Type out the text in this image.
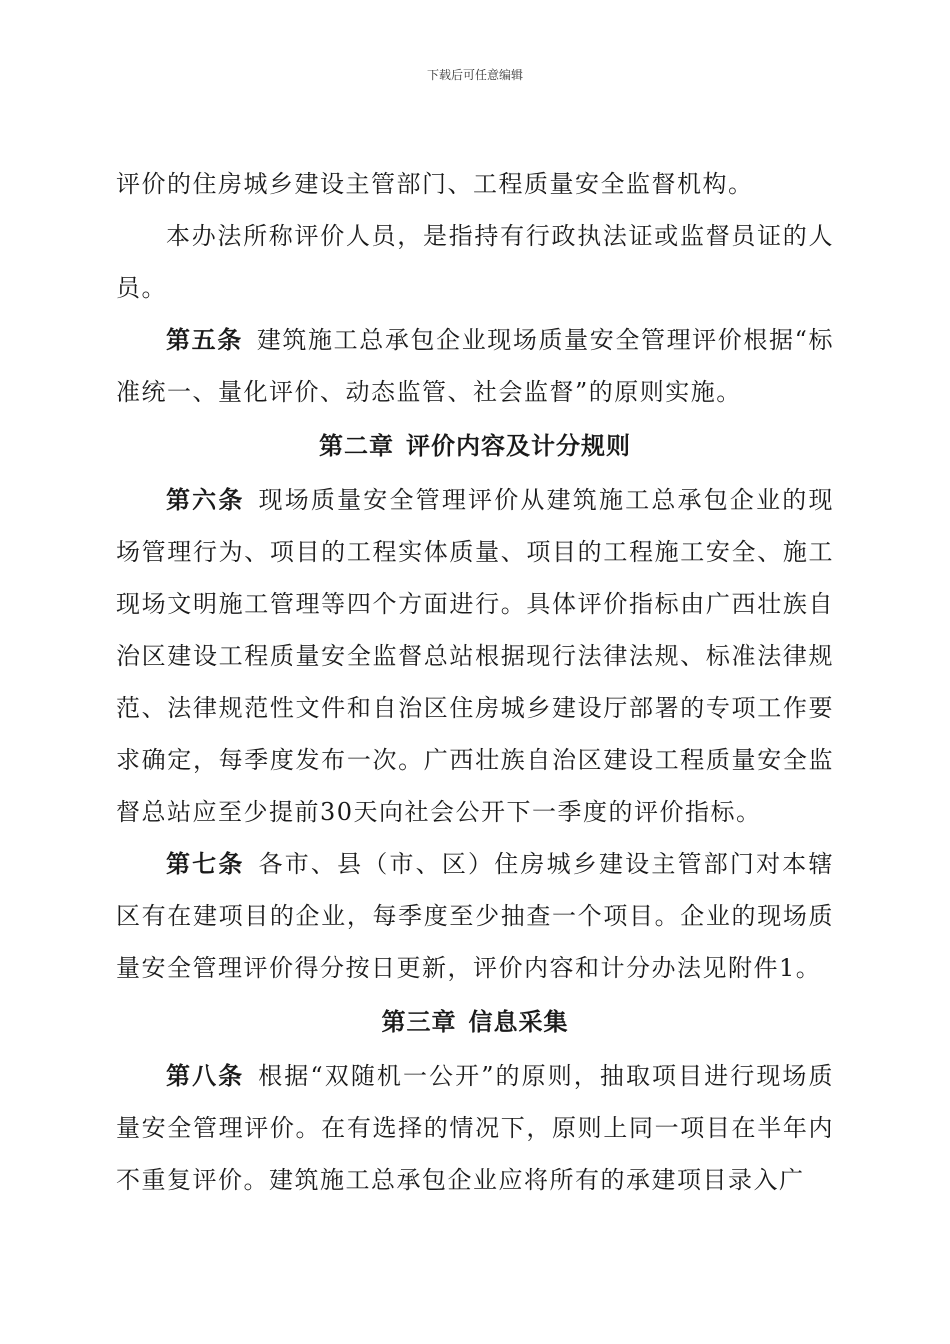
下载后可任意编辑

评价的住房城乡建设主管部门、工程质量安全监督机构。

本办法所称评价人员，是指持有行政执法证或监督员证的人员。

第五条 建筑施工总承包企业现场质量安全管理评价根据“标准统一、量化评价、动态监管、社会监督”的原则实施。

第二章 评价内容及计分规则

第六条 现场质量安全管理评价从建筑施工总承包企业的现场管理行为、项目的工程实体质量、项目的工程施工安全、施工现场文明施工管理等四个方面进行。具体评价指标由广西壮族自治区建设工程质量安全监督总站根据现行法律法规、标准法律规范、法律规范性文件和自治区住房城乡建设厅部署的专项工作要求确定，每季度发布一次。广西壮族自治区建设工程质量安全监督总站应至少提前30天向社会公开下一季度的评价指标。

第七条 各市、县（市、区）住房城乡建设主管部门对本辖区有在建项目的企业，每季度至少抽查一个项目。企业的现场质量安全管理评价得分按日更新，评价内容和计分办法见附件1。

第三章 信息采集

第八条 根据“双随机一公开”的原则，抽取项目进行现场质量安全管理评价。在有选择的情况下，原则上同一项目在半年内不重复评价。建筑施工总承包企业应将所有的承建项目录入广
